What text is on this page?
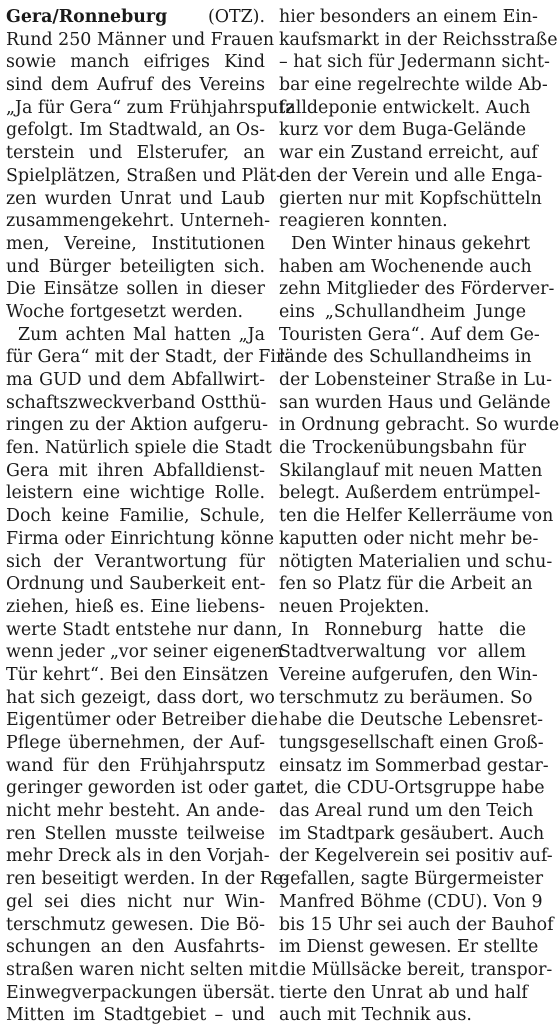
Gera/Ronneburg (OTZ).
Rund 250 Männer und Frauen
sowie manch eifriges Kind
sind dem Aufruf des Vereins
„Ja für Gera“ zum Frühjahrsputz
gefolgt. Im Stadtwald, an Os-
terstein und Elsterufer, an
Spielplätzen, Straßen und Plät-
zen wurden Unrat und Laub
zusammengekehrt. Unterneh-
men, Vereine, Institutionen
und Bürger beteiligten sich.
Die Einsätze sollen in dieser
Woche fortgesetzt werden.
Zum achten Mal hatten „Ja
für Gera“ mit der Stadt, der Fir-
ma GUD und dem Abfallwirt-
schaftszweckverband Ostthü-
ringen zu der Aktion aufgeru-
fen. Natürlich spiele die Stadt
Gera mit ihren Abfalldienst-
leistern eine wichtige Rolle.
Doch keine Familie, Schule,
Firma oder Einrichtung könne
sich der Verantwortung für
Ordnung und Sauberkeit ent-
ziehen, hieß es. Eine liebens-
werte Stadt entstehe nur dann,
wenn jeder „vor seiner eigenen
Tür kehrt“. Bei den Einsätzen
hat sich gezeigt, dass dort, wo
Eigentümer oder Betreiber die
Pflege übernehmen, der Auf-
wand für den Frühjahrsputz
geringer geworden ist oder gar
nicht mehr besteht. An ande-
ren Stellen musste teilweise
mehr Dreck als in den Vorjah-
ren beseitigt werden. In der Re-
gel sei dies nicht nur Win-
terschmutz gewesen. Die Bö-
schungen an den Ausfahrts-
straßen waren nicht selten mit
Einwegverpackungen übersät.
Mitten im Stadtgebiet – und
hier besonders an einem Ein-
kaufsmarkt in der Reichsstraße
– hat sich für Jedermann sicht-
bar eine regelrechte wilde Ab-
falldeponie entwickelt. Auch
kurz vor dem Buga-Gelände
war ein Zustand erreicht, auf
den der Verein und alle Enga-
gierten nur mit Kopfschütteln
reagieren konnten.
Den Winter hinaus gekehrt
haben am Wochenende auch
zehn Mitglieder des Förderver-
eins „Schullandheim Junge
Touristen Gera“. Auf dem Ge-
lände des Schullandheims in
der Lobensteiner Straße in Lu-
san wurden Haus und Gelände
in Ordnung gebracht. So wurde
die Trockenübungsbahn für
Skilanglauf mit neuen Matten
belegt. Außerdem entrümpel-
ten die Helfer Kellerräume von
kaputten oder nicht mehr be-
nötigten Materialien und schu-
fen so Platz für die Arbeit an
neuen Projekten.
In Ronneburg hatte die
Stadtverwaltung vor allem
Vereine aufgerufen, den Win-
terschmutz zu beräumen. So
habe die Deutsche Lebensret-
tungsgesellschaft einen Groß-
einsatz im Sommerbad gestar-
tet, die CDU-Ortsgruppe habe
das Areal rund um den Teich
im Stadtpark gesäubert. Auch
der Kegelverein sei positiv auf-
gefallen, sagte Bürgermeister
Manfred Böhme (CDU). Von 9
bis 15 Uhr sei auch der Bauhof
im Dienst gewesen. Er stellte
die Müllsäcke bereit, transpor-
tierte den Unrat ab und half
auch mit Technik aus.
